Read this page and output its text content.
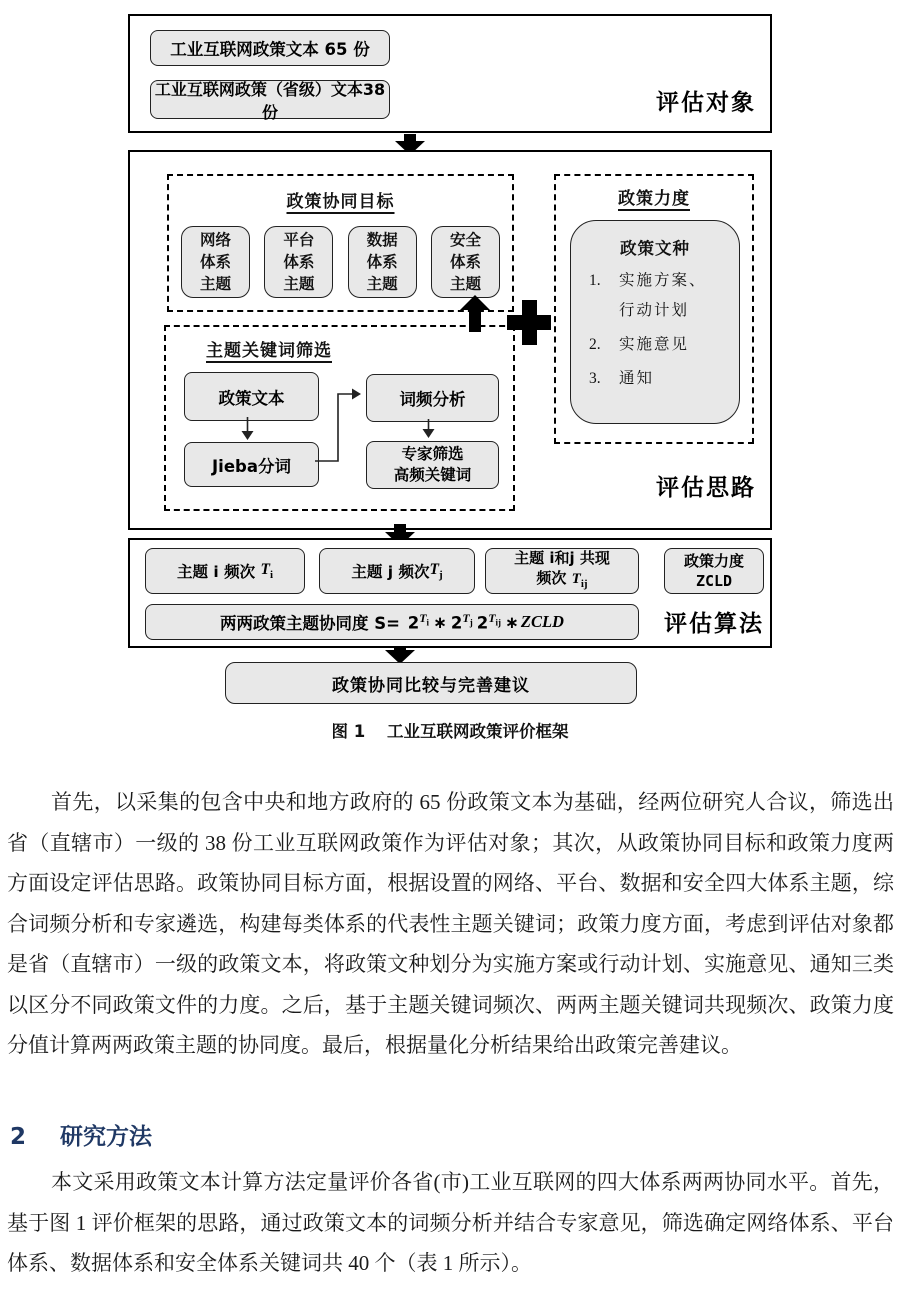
工业互联网政策文本 65 份
工业互联网政策（省级）文本38份	评估对象
政策协同目标
网络
体系
主题
平台
体系
主题
数据
体系
主题
安全
体系
主题
主题关键词筛选
政策文本	词频分析
Jieba分词
专家筛选
高频关键词
政策力度
政策文种
1.	实施方案、
行动计划
2.	实施意见
3.	通知
评估思路
主题 i 频次
$T_i$	主题 j 频次 $T_j$
主题 i和j 共现
频次 $T_{ij}$
政策力度
ZCLD
两两政策主题协同度 S=
$2^{T_i}$ ∗ $2^{T_j}$ $2^{T_{ij}}$ ∗ ZCLD	评估算法
政策协同比较与完善建议
图 1 工业互联网政策评价框架
首先，以采集的包含中央和地方政府的 65 份政策文本为基础，经两位研究人合议，筛选出
省（直辖市）一级的 38 份工业互联网政策作为评估对象；其次，从政策协同目标和政策力度两
方面设定评估思路。政策协同目标方面，根据设置的网络、平台、数据和安全四大体系主题，综
合词频分析和专家遴选，构建每类体系的代表性主题关键词；政策力度方面，考虑到评估对象都
是省（直辖市）一级的政策文本，将政策文种划分为实施方案或行动计划、实施意见、通知三类
以区分不同政策文件的力度。之后，基于主题关键词频次、两两主题关键词共现频次、政策力度
分值计算两两政策主题的协同度。最后，根据量化分析结果给出政策完善建议。
2 研究方法
本文采用政策文本计算方法定量评价各省(市)工业互联网的四大体系两两协同水平。首先，
基于图 1 评价框架的思路，通过政策文本的词频分析并结合专家意见，筛选确定网络体系、平台
体系、数据体系和安全体系关键词共 40 个（表 1 所示）。
